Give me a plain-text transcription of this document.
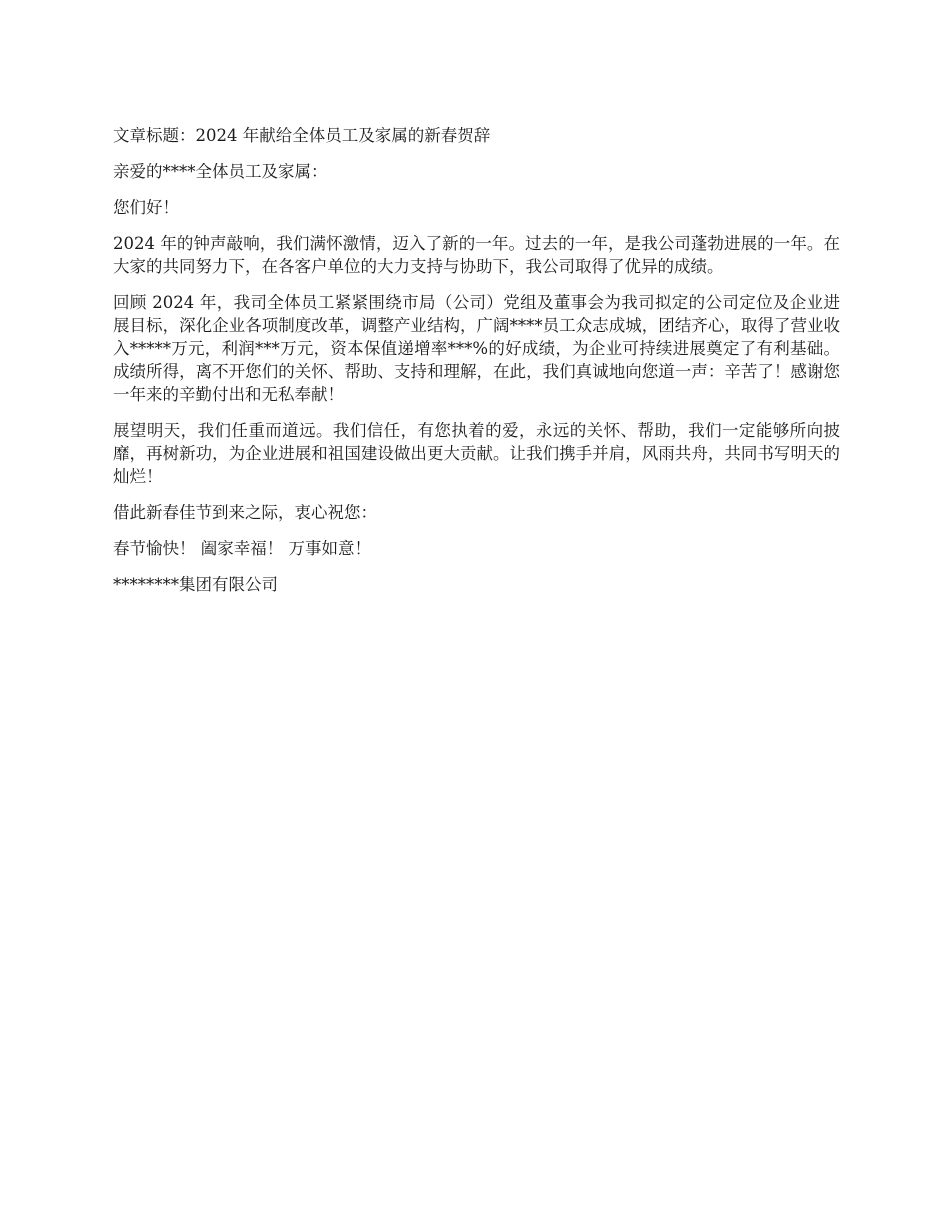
文章标题：2024 年献给全体员工及家属的新春贺辞

亲爱的****全体员工及家属：

您们好！

2024 年的钟声敲响，我们满怀激情，迈入了新的一年。过去的一年，是我公司蓬勃进展的一年。在大家的共同努力下，在各客户单位的大力支持与协助下，我公司取得了优异的成绩。

回顾 2024 年，我司全体员工紧紧围绕市局（公司）党组及董事会为我司拟定的公司定位及企业进展目标，深化企业各项制度改革，调整产业结构，广阔****员工众志成城，团结齐心，取得了营业收入*****万元，利润***万元，资本保值递增率***%的好成绩，为企业可持续进展奠定了有利基础。成绩所得，离不开您们的关怀、帮助、支持和理解，在此，我们真诚地向您道一声：辛苦了！感谢您一年来的辛勤付出和无私奉献！

展望明天，我们任重而道远。我们信任，有您执着的爱，永远的关怀、帮助，我们一定能够所向披靡，再树新功，为企业进展和祖国建设做出更大贡献。让我们携手并肩，风雨共舟，共同书写明天的灿烂！

借此新春佳节到来之际，衷心祝您：

春节愉快！ 阖家幸福！ 万事如意！

********集团有限公司
